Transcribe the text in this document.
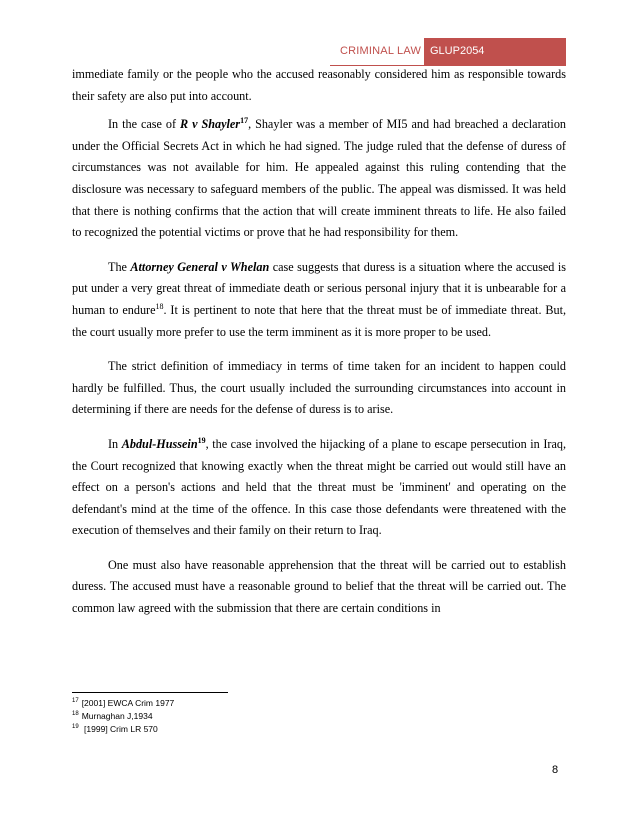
CRIMINAL LAW GLUP2054

immediate family or the people who the accused reasonably considered him as responsible towards their safety are also put into account.

In the case of R v Shayler$^{17}$, Shayler was a member of MI5 and had breached a declaration under the Official Secrets Act in which he had signed. The judge ruled that the defense of duress of circumstances was not available for him. He appealed against this ruling contending that the disclosure was necessary to safeguard members of the public. The appeal was dismissed. It was held that there is nothing confirms that the action that will create imminent threats to life. He also failed to recognized the potential victims or prove that he had responsibility for them.

The Attorney General v Whelan case suggests that duress is a situation where the accused is put under a very great threat of immediate death or serious personal injury that it is unbearable for a human to endure$^{18}$. It is pertinent to note that here that the threat must be of immediate threat. But, the court usually more prefer to use the term imminent as it is more proper to be used.

The strict definition of immediacy in terms of time taken for an incident to happen could hardly be fulfilled. Thus, the court usually included the surrounding circumstances into account in determining if there are needs for the defense of duress is to arise.

In Abdul-Hussein$^{19}$, the case involved the hijacking of a plane to escape persecution in Iraq, the Court recognized that knowing exactly when the threat might be carried out would still have an effect on a person's actions and held that the threat must be 'imminent' and operating on the defendant's mind at the time of the offence. In this case those defendants were threatened with the execution of themselves and their family on their return to Iraq.

One must also have reasonable apprehension that the threat will be carried out to establish duress. The accused must have a reasonable ground to belief that the threat will be carried out. The common law agreed with the submission that there are certain conditions in

$^{17}$ [2001] EWCA Crim 1977
$^{18}$ Murnaghan J,1934
$^{19}$ [1999] Crim LR 570
8
